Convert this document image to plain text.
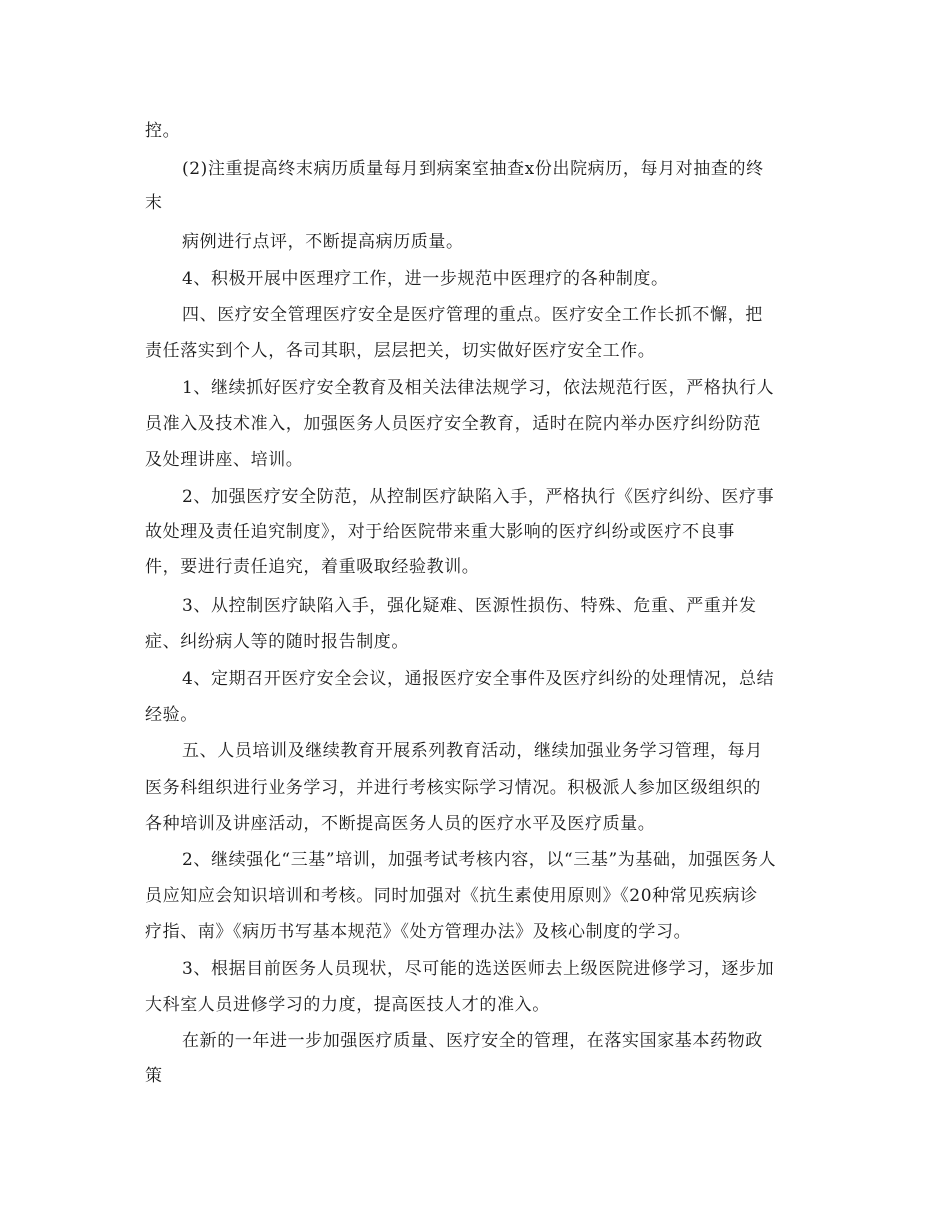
控。
(2)注重提高终末病历质量每月到病案室抽查x份出院病历，每月对抽查的终
末
病例进行点评，不断提高病历质量。
4、积极开展中医理疗工作，进一步规范中医理疗的各种制度。
四、医疗安全管理医疗安全是医疗管理的重点。医疗安全工作长抓不懈，把
责任落实到个人，各司其职，层层把关，切实做好医疗安全工作。
1、继续抓好医疗安全教育及相关法律法规学习，依法规范行医，严格执行人
员准入及技术准入，加强医务人员医疗安全教育，适时在院内举办医疗纠纷防范
及处理讲座、培训。
2、加强医疗安全防范，从控制医疗缺陷入手，严格执行《医疗纠纷、医疗事
故处理及责任追究制度》，对于给医院带来重大影响的医疗纠纷或医疗不良事
件，要进行责任追究，着重吸取经验教训。
3、从控制医疗缺陷入手，强化疑难、医源性损伤、特殊、危重、严重并发
症、纠纷病人等的随时报告制度。
4、定期召开医疗安全会议，通报医疗安全事件及医疗纠纷的处理情况，总结
经验。
五、人员培训及继续教育开展系列教育活动，继续加强业务学习管理，每月
医务科组织进行业务学习，并进行考核实际学习情况。积极派人参加区级组织的
各种培训及讲座活动，不断提高医务人员的医疗水平及医疗质量。
2、继续强化“三基”培训，加强考试考核内容，以“三基”为基础，加强医务人
员应知应会知识培训和考核。同时加强对《抗生素使用原则》《20种常见疾病诊
疗指、南》《病历书写基本规范》《处方管理办法》及核心制度的学习。
3、根据目前医务人员现状，尽可能的选送医师去上级医院进修学习，逐步加
大科室人员进修学习的力度，提高医技人才的准入。
在新的一年进一步加强医疗质量、医疗安全的管理，在落实国家基本药物政
策
